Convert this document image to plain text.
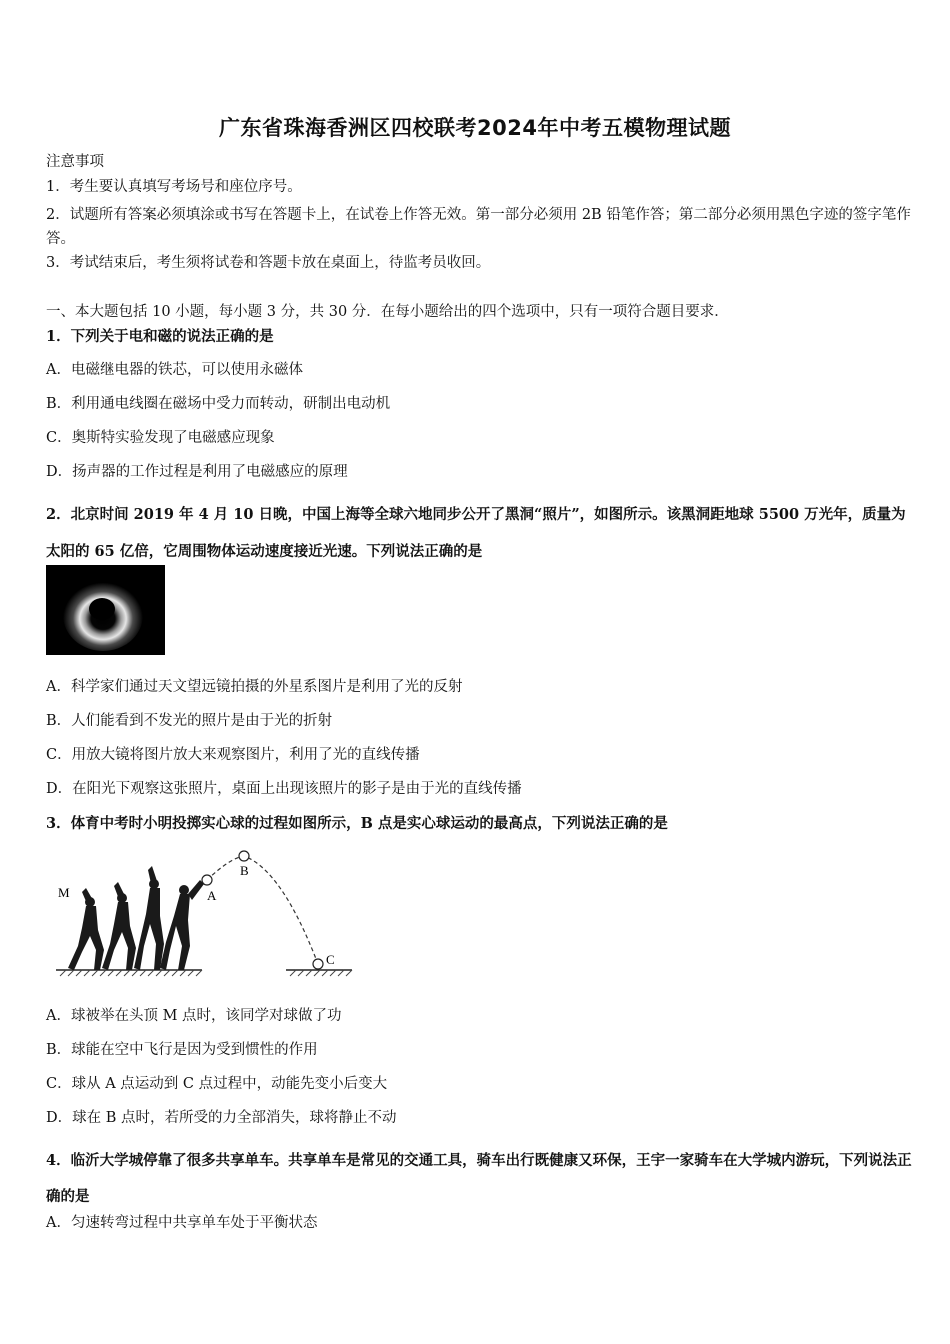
广东省珠海香洲区四校联考2024年中考五模物理试题
注意事项
1．考生要认真填写考场号和座位序号。
2．试题所有答案必须填涂或书写在答题卡上，在试卷上作答无效。第一部分必须用 2B 铅笔作答；第二部分必须用黑色字迹的签字笔作答。
3．考试结束后，考生须将试卷和答题卡放在桌面上，待监考员收回。
一、本大题包括 10 小题，每小题 3 分，共 30 分．在每小题给出的四个选项中，只有一项符合题目要求．
1．下列关于电和磁的说法正确的是
A．电磁继电器的铁芯，可以使用永磁体
B．利用通电线圈在磁场中受力而转动，研制出电动机
C．奥斯特实验发现了电磁感应现象
D．扬声器的工作过程是利用了电磁感应的原理
2．北京时间 2019 年 4 月 10 日晚，中国上海等全球六地同步公开了黑洞“照片”，如图所示。该黑洞距地球 5500 万光年，质量为太阳的 65 亿倍，它周围物体运动速度接近光速。下列说法正确的是
A．科学家们通过天文望远镜拍摄的外星系图片是利用了光的反射
B．人们能看到不发光的照片是由于光的折射
C．用放大镜将图片放大来观察图片，利用了光的直线传播
D．在阳光下观察这张照片，桌面上出现该照片的影子是由于光的直线传播
3．体育中考时小明投掷实心球的过程如图所示，B 点是实心球运动的最高点，下列说法正确的是
M	A
B
C
A．球被举在头顶 M 点时，该同学对球做了功
B．球能在空中飞行是因为受到惯性的作用
C．球从 A 点运动到 C 点过程中，动能先变小后变大
D．球在 B 点时，若所受的力全部消失，球将静止不动
4．临沂大学城停靠了很多共享单车。共享单车是常见的交通工具，骑车出行既健康又环保，王宇一家骑车在大学城内游玩，下列说法正确的是
A．匀速转弯过程中共享单车处于平衡状态
